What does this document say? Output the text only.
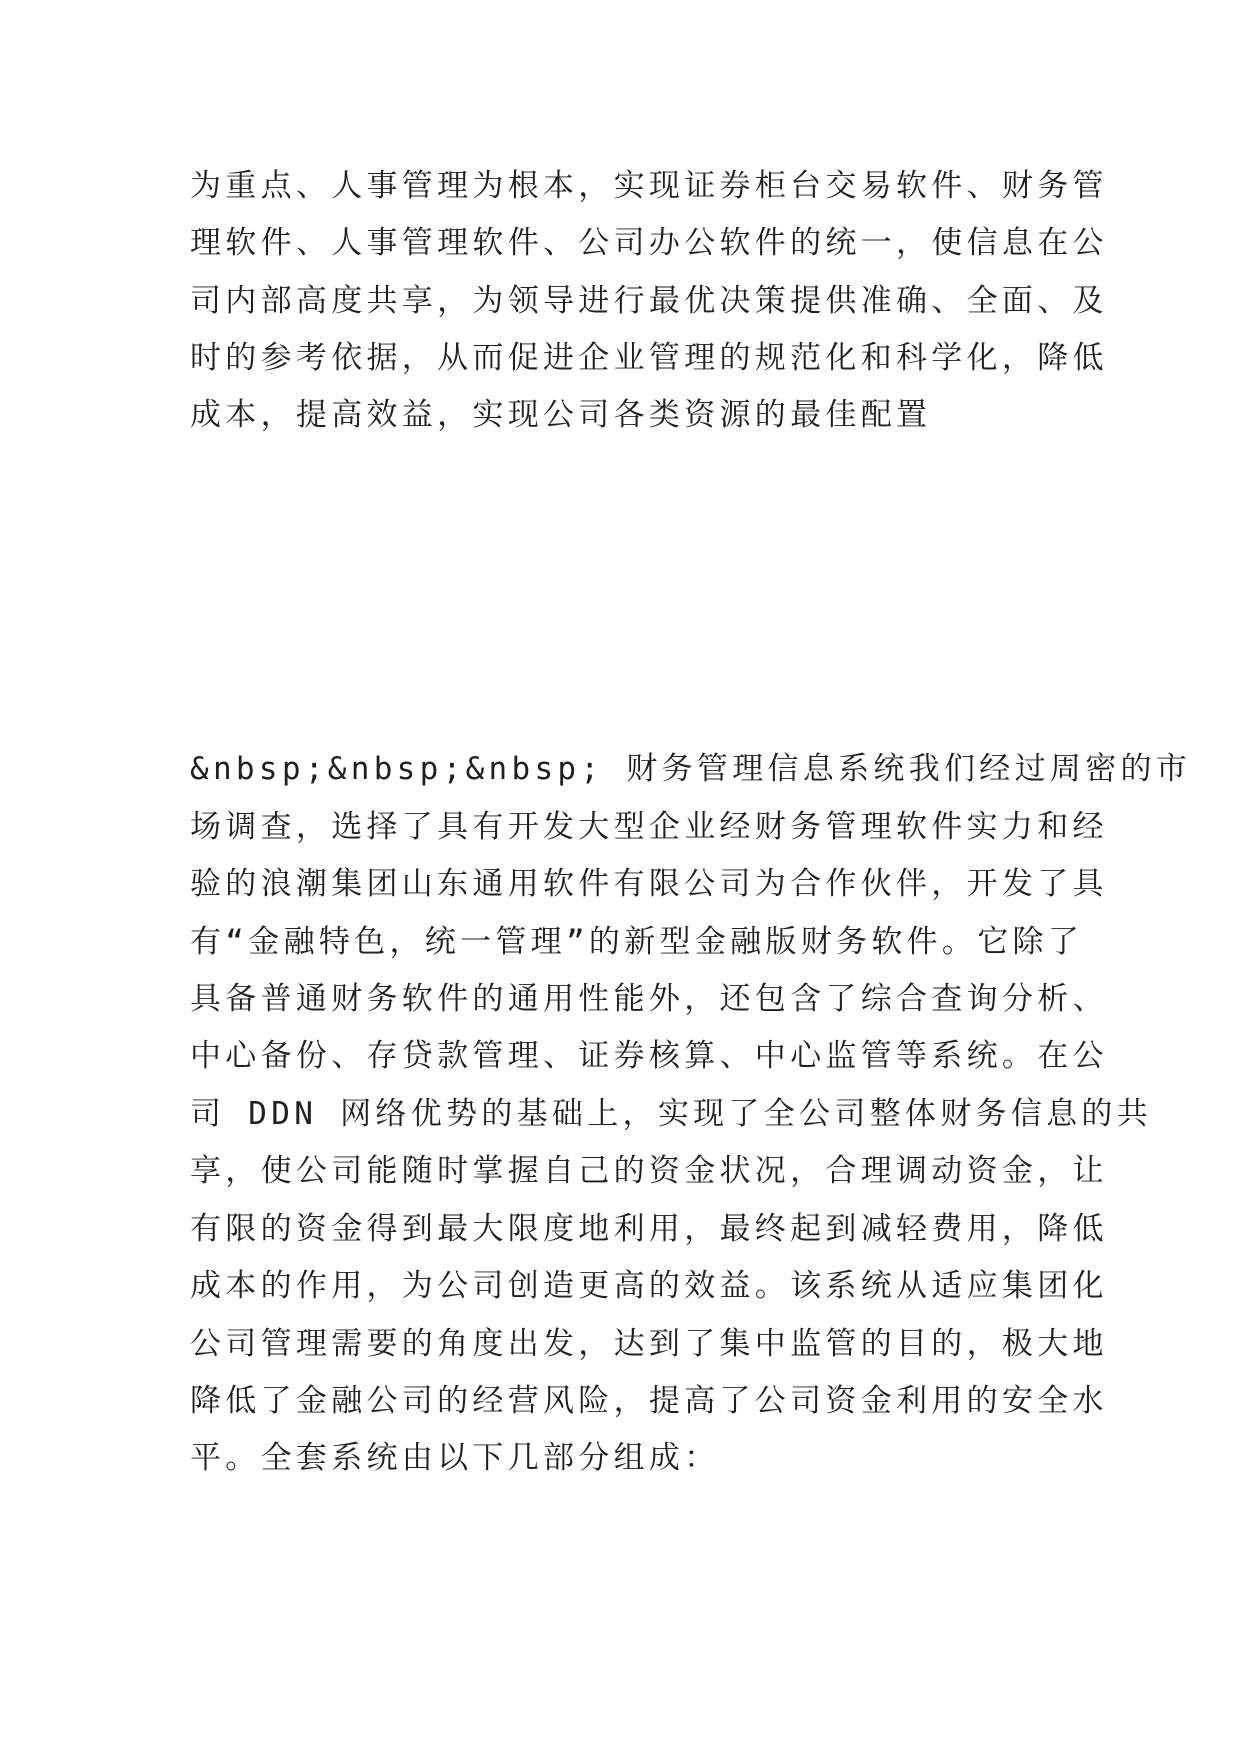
为重点、人事管理为根本，实现证券柜台交易软件、财务管

理软件、人事管理软件、公司办公软件的统一，使信息在公

司内部高度共享，为领导进行最优决策提供准确、全面、及

时的参考依据，从而促进企业管理的规范化和科学化，降低

成本，提高效益，实现公司各类资源的最佳配置

&nbsp;&nbsp;&nbsp; 财务管理信息系统我们经过周密的市

场调查，选择了具有开发大型企业经财务管理软件实力和经

验的浪潮集团山东通用软件有限公司为合作伙伴，开发了具

有“金融特色，统一管理”的新型金融版财务软件。它除了

具备普通财务软件的通用性能外，还包含了综合查询分析、

中心备份、存贷款管理、证券核算、中心监管等系统。在公

司 DDN 网络优势的基础上，实现了全公司整体财务信息的共

享，使公司能随时掌握自己的资金状况，合理调动资金，让

有限的资金得到最大限度地利用，最终起到减轻费用，降低

成本的作用，为公司创造更高的效益。该系统从适应集团化

公司管理需要的角度出发，达到了集中监管的目的，极大地

降低了金融公司的经营风险，提高了公司资金利用的安全水

平。全套系统由以下几部分组成：
